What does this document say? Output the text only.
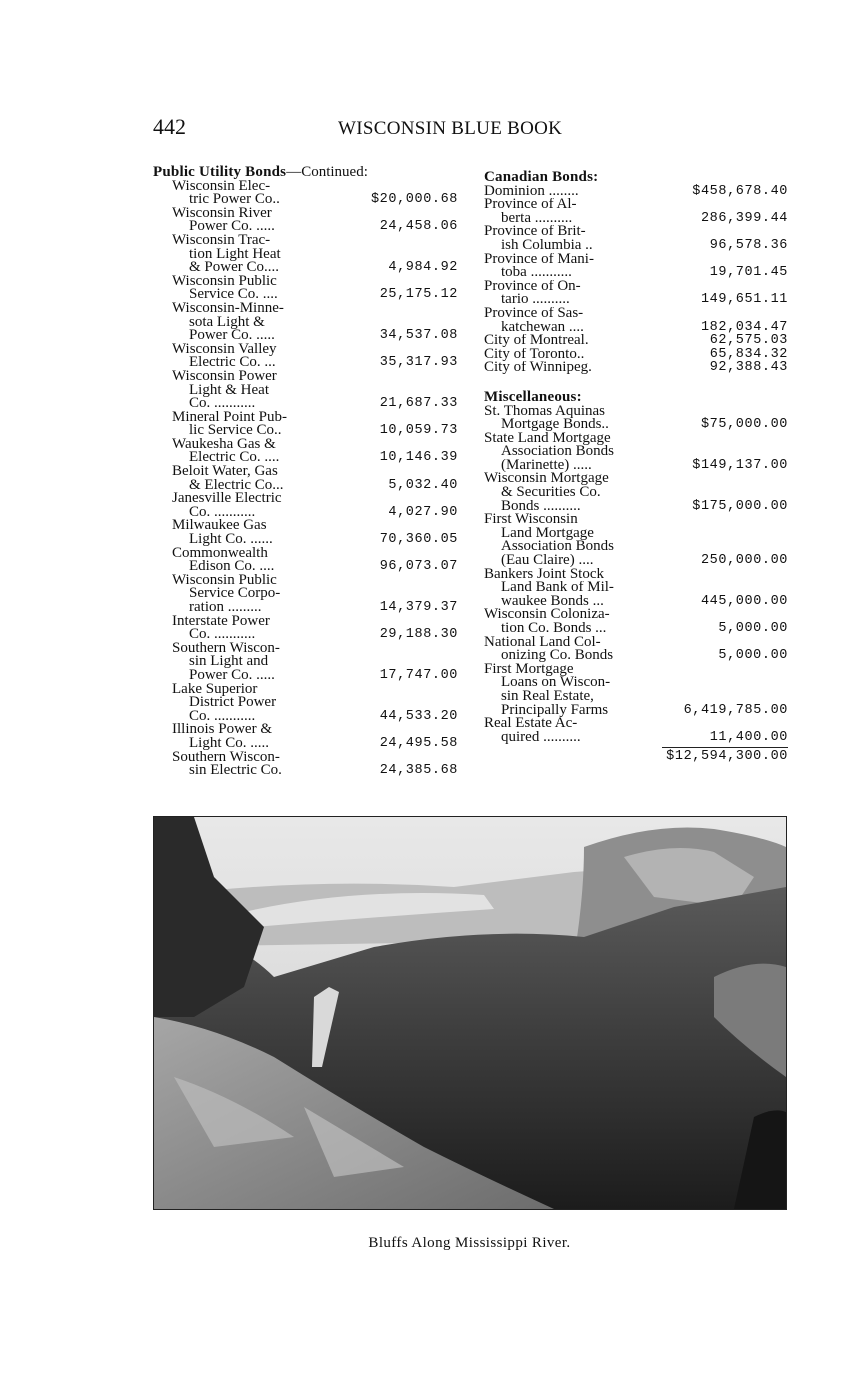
442	WISCONSIN BLUE BOOK
Public Utility Bonds—Continued:
Wisconsin Elec-
tric Power Co..	$20,000.68
Wisconsin River
Power Co. .....	24,458.06
Wisconsin Trac-
tion Light Heat
& Power Co....	4,984.92
Wisconsin Public
Service Co. ....	25,175.12
Wisconsin-Minne-
sota Light &
Power Co. .....	34,537.08
Wisconsin Valley
Electric Co. ...	35,317.93
Wisconsin Power
Light & Heat
Co. ...........	21,687.33
Mineral Point Pub-
lic Service Co..	10,059.73
Waukesha Gas &
Electric Co. ....	10,146.39
Beloit Water, Gas
& Electric Co...	5,032.40
Janesville Electric
Co. ...........	4,027.90
Milwaukee Gas
Light Co. ......	70,360.05
Commonwealth
Edison Co. ....	96,073.07
Wisconsin Public
Service Corpo-
ration .........	14,379.37
Interstate Power
Co. ...........	29,188.30
Southern Wiscon-
sin Light and
Power Co. .....	17,747.00
Lake Superior
District Power
Co. ...........	44,533.20
Illinois Power &
Light Co. .....	24,495.58
Southern Wiscon-
sin Electric Co.	24,385.68
Canadian Bonds:
Dominion ........	$458,678.40
Province of Al-
berta ..........	286,399.44
Province of Brit-
ish Columbia ..	96,578.36
Province of Mani-
toba ...........	19,701.45
Province of On-
tario ..........	149,651.11
Province of Sas-
katchewan ....	182,034.47
City of Montreal.	62,575.03
City of Toronto..	65,834.32
City of Winnipeg.	92,388.43
Miscellaneous:
St. Thomas Aquinas
Mortgage Bonds..	$75,000.00
State Land Mortgage
Association Bonds
(Marinette) .....	$149,137.00
Wisconsin Mortgage
& Securities Co.
Bonds ..........	$175,000.00
First Wisconsin
Land Mortgage
Association Bonds
(Eau Claire) ....	250,000.00
Bankers Joint Stock
Land Bank of Mil-
waukee Bonds ...	445,000.00
Wisconsin Coloniza-
tion Co. Bonds ...	5,000.00
National Land Col-
onizing Co. Bonds	5,000.00
First Mortgage
Loans on Wiscon-
sin Real Estate,
Principally Farms	6,419,785.00
Real Estate Ac-
quired ..........	11,400.00
$12,594,300.00
Bluffs Along Mississippi River.
